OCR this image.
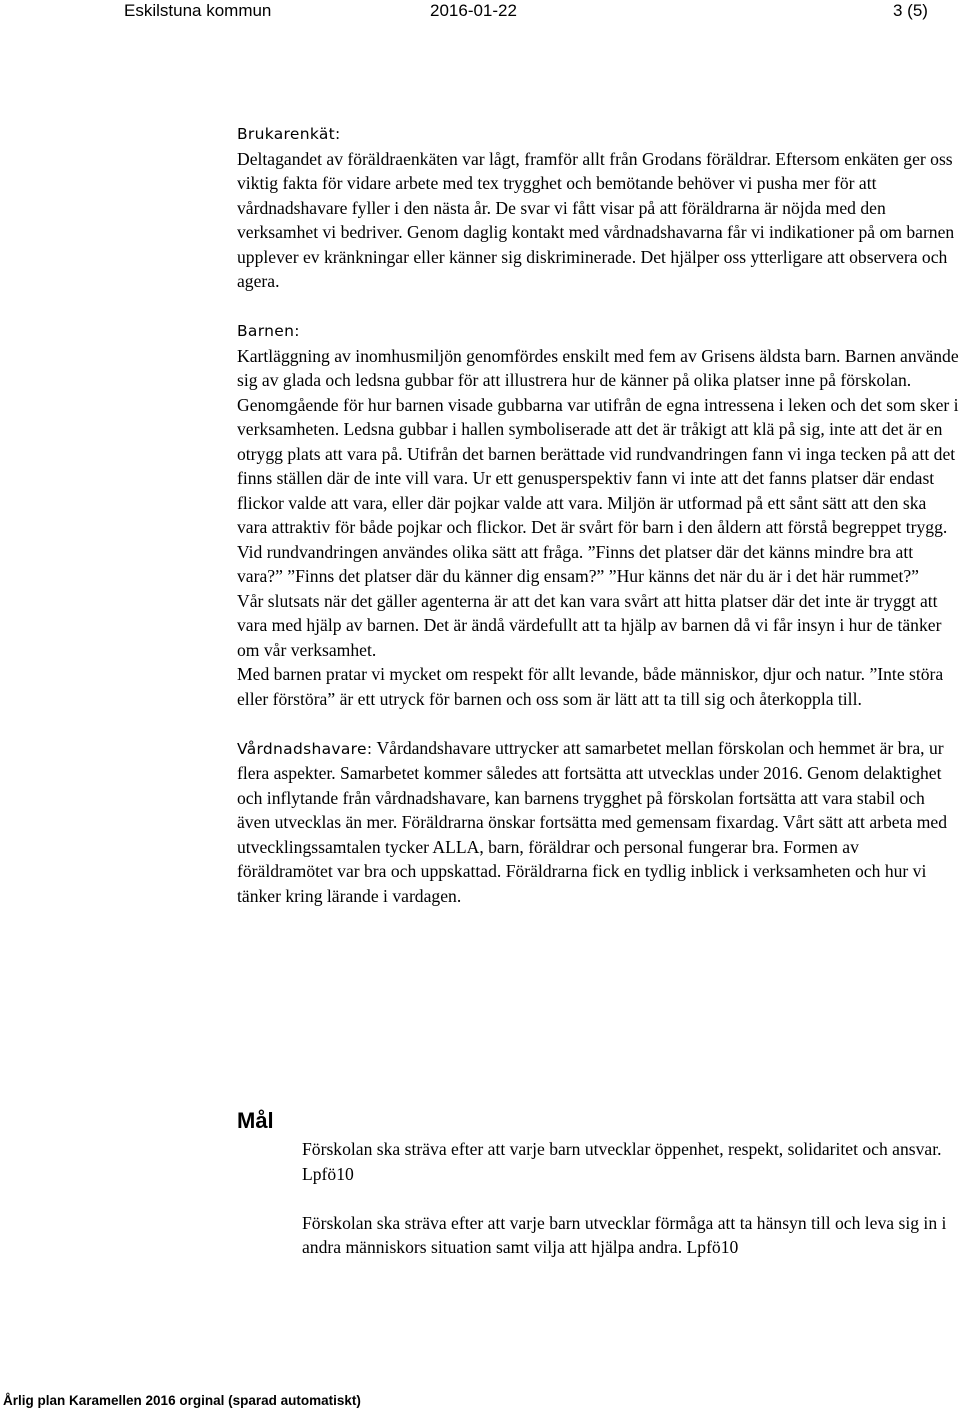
Eskilstuna kommun	2016-01-22	3 (5)

Brukarenkät:

Deltagandet av föräldraenkäten var lågt, framför allt från Grodans föräldrar. Eftersom enkäten ger oss viktig fakta för vidare arbete med tex trygghet och bemötande behöver vi pusha mer för att vårdnadshavare fyller i den nästa år. De svar vi fått visar på att föräldrarna är nöjda med den verksamhet vi bedriver. Genom daglig kontakt med vårdnadshavarna får vi indikationer på om barnen upplever ev kränkningar eller känner sig diskriminerade. Det hjälper oss ytterligare att observera och agera.

Barnen:

Kartläggning av inomhusmiljön genomfördes enskilt med fem av Grisens äldsta barn. Barnen använde sig av glada och ledsna gubbar för att illustrera hur de känner på olika platser inne på förskolan. Genomgående för hur barnen visade gubbarna var utifrån de egna intressena i leken och det som sker i verksamheten. Ledsna gubbar i hallen symboliserade att det är tråkigt att klä på sig, inte att det är en otrygg plats att vara på. Utifrån det barnen berättade vid rundvandringen fann vi inga tecken på att det finns ställen där de inte vill vara. Ur ett genusperspektiv fann vi inte att det fanns platser där endast flickor valde att vara, eller där pojkar valde att vara. Miljön är utformad på ett sånt sätt att den ska vara attraktiv för både pojkar och flickor. Det är svårt för barn i den åldern att förstå begreppet trygg. Vid rundvandringen användes olika sätt att fråga. ”Finns det platser där det känns mindre bra att vara?” ”Finns det platser där du känner dig ensam?” ”Hur känns det när du är i det här rummet?”

Vår slutsats när det gäller agenterna är att det kan vara svårt att hitta platser där det inte är tryggt att vara med hjälp av barnen. Det är ändå värdefullt att ta hjälp av barnen då vi får insyn i hur de tänker om vår verksamhet.

Med barnen pratar vi mycket om respekt för allt levande, både människor, djur och natur. ”Inte störa eller förstöra” är ett utryck för barnen och oss som är lätt att ta till sig och återkoppla till.

Vårdnadshavare: Vårdandshavare uttrycker att samarbetet mellan förskolan och hemmet är bra, ur flera aspekter. Samarbetet kommer således att fortsätta att utvecklas under 2016. Genom delaktighet och inflytande från vårdnadshavare, kan barnens trygghet på förskolan fortsätta att vara stabil och även utvecklas än mer. Föräldrarna önskar fortsätta med gemensam fixardag. Vårt sätt att arbeta med utvecklingssamtalen tycker ALLA, barn, föräldrar och personal fungerar bra. Formen av föräldramötet var bra och uppskattad. Föräldrarna fick en tydlig inblick i verksamheten och hur vi tänker kring lärande i vardagen.

Mål

Förskolan ska sträva efter att varje barn utvecklar öppenhet, respekt, solidaritet och ansvar. Lpfö10

Förskolan ska sträva efter att varje barn utvecklar förmåga att ta hänsyn till och leva sig in i andra människors situation samt vilja att hjälpa andra. Lpfö10

Årlig plan Karamellen 2016 orginal (sparad automatiskt)
